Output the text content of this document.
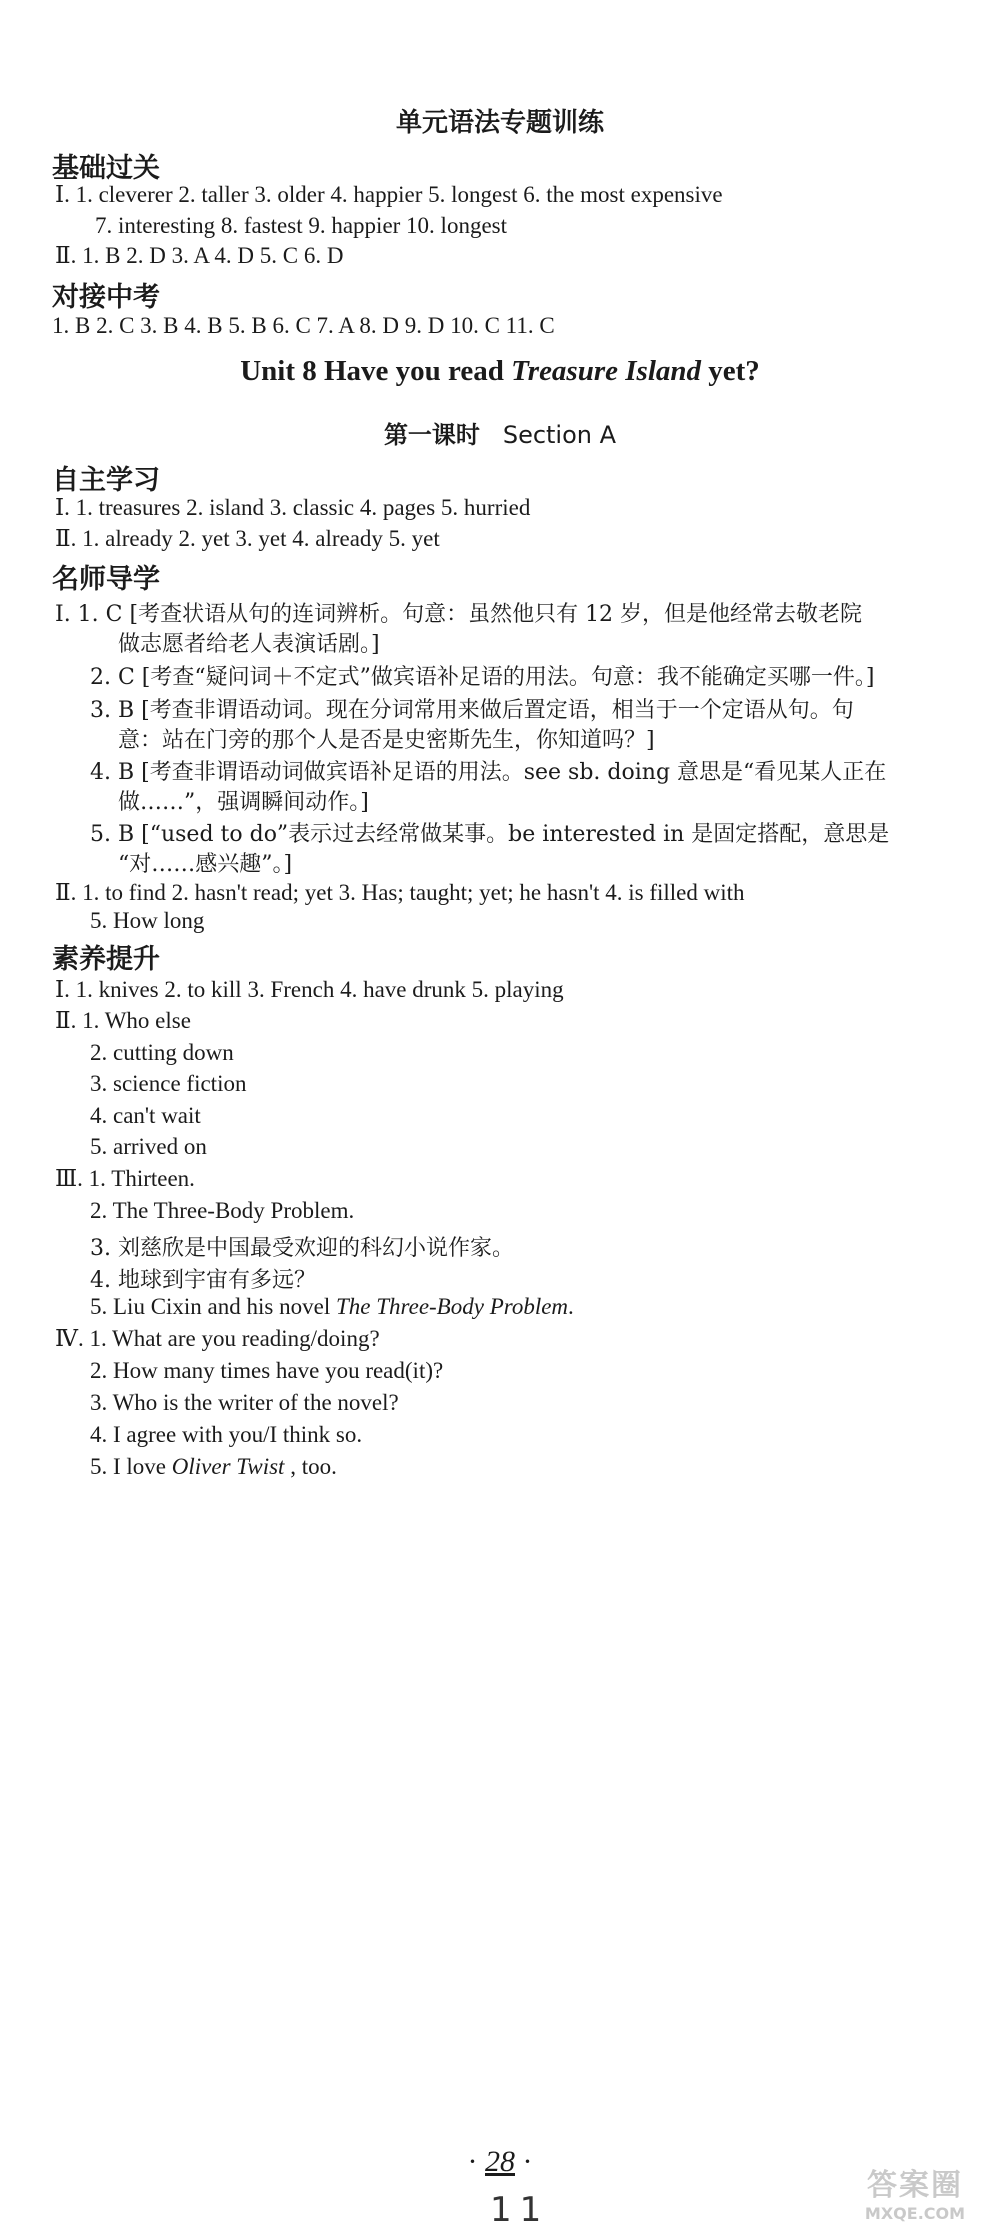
单元语法专题训练
基础过关
Ⅰ. 1. cleverer 2. taller 3. older 4. happier 5. longest 6. the most expensive
7. interesting 8. fastest 9. happier 10. longest
Ⅱ. 1. B 2. D 3. A 4. D 5. C 6. D
对接中考
1. B 2. C 3. B 4. B 5. B 6. C 7. A 8. D 9. D 10. C 11. C
Unit 8 Have you read Treasure Island yet?
第一课时 Section A
自主学习
Ⅰ. 1. treasures 2. island 3. classic 4. pages 5. hurried
Ⅱ. 1. already 2. yet 3. yet 4. already 5. yet
名师导学
Ⅰ. 1. C [考查状语从句的连词辨析。句意：虽然他只有 12 岁，但是他经常去敬老院
做志愿者给老人表演话剧。]
2. C [考查“疑问词＋不定式”做宾语补足语的用法。句意：我不能确定买哪一件。]
3. B [考查非谓语动词。现在分词常用来做后置定语，相当于一个定语从句。句
意：站在门旁的那个人是否是史密斯先生，你知道吗？]
4. B [考查非谓语动词做宾语补足语的用法。see sb. doing 意思是“看见某人正在
做……”，强调瞬间动作。]
5. B [“used to do”表示过去经常做某事。be interested in 是固定搭配，意思是
“对……感兴趣”。]
Ⅱ. 1. to find 2. hasn't read; yet 3. Has; taught; yet; he hasn't 4. is filled with
5. How long
素养提升
Ⅰ. 1. knives 2. to kill 3. French 4. have drunk 5. playing
Ⅱ. 1. Who else
2. cutting down
3. science fiction
4. can't wait
5. arrived on
Ⅲ. 1. Thirteen.
2. The Three-Body Problem.
3. 刘慈欣是中国最受欢迎的科幻小说作家。
4. 地球到宇宙有多远？
5. Liu Cixin and his novel The Three-Body Problem.
Ⅳ. 1. What are you reading/doing?
2. How many times have you read(it)?
3. Who is the writer of the novel?
4. I agree with you/I think so.
5. I love Oliver Twist , too.
· 28 ·
11
答案圈
MXQE.COM
